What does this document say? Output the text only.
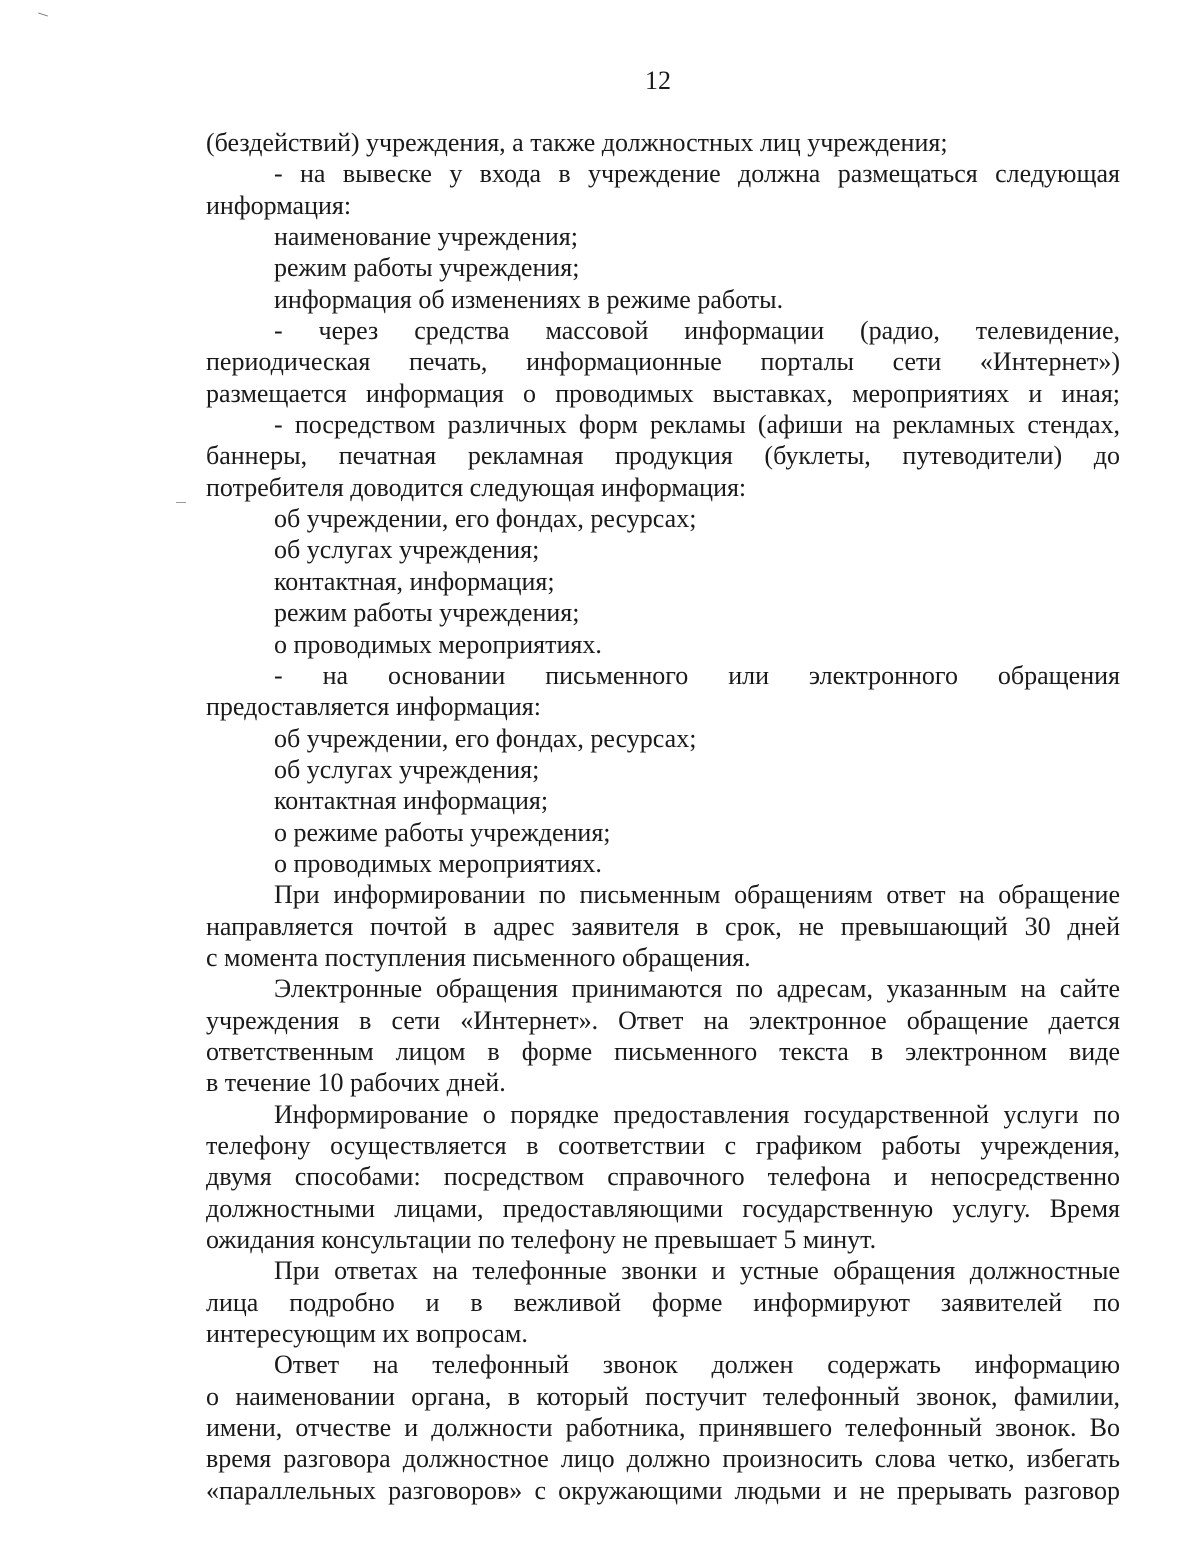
12
(бездействий) учреждения, а также должностных лиц учреждения;
- на вывеске у входа в учреждение должна размещаться следующая
информация:
наименование учреждения;
режим работы учреждения;
информация об изменениях в режиме работы.
- через средства массовой информации (радио, телевидение,
периодическая печать, информационные порталы сети «Интернет»)
размещается информация о проводимых выставках, мероприятиях и иная;
- посредством различных форм рекламы (афиши на рекламных стендах,
баннеры, печатная рекламная продукция (буклеты, путеводители) до
потребителя доводится следующая информация:
об учреждении, его фондах, ресурсах;
об услугах учреждения;
контактная, информация;
режим работы учреждения;
о проводимых мероприятиях.
- на основании письменного или электронного обращения
предоставляется информация:
об учреждении, его фондах, ресурсах;
об услугах учреждения;
контактная информация;
о режиме работы учреждения;
о проводимых мероприятиях.
При информировании по письменным обращениям ответ на обращение
направляется почтой в адрес заявителя в срок, не превышающий 30 дней
с момента поступления письменного обращения.
Электронные обращения принимаются по адресам, указанным на сайте
учреждения в сети «Интернет». Ответ на электронное обращение дается
ответственным лицом в форме письменного текста в электронном виде
в течение 10 рабочих дней.
Информирование о порядке предоставления государственной услуги по
телефону осуществляется в соответствии с графиком работы учреждения,
двумя способами: посредством справочного телефона и непосредственно
должностными лицами, предоставляющими государственную услугу. Время
ожидания консультации по телефону не превышает 5 минут.
При ответах на телефонные звонки и устные обращения должностные
лица подробно и в вежливой форме информируют заявителей по
интересующим их вопросам.
Ответ на телефонный звонок должен содержать информацию
о наименовании органа, в который постучит телефонный звонок, фамилии,
имени, отчестве и должности работника, принявшего телефонный звонок. Во
время разговора должностное лицо должно произносить слова четко, избегать
«параллельных разговоров» с окружающими людьми и не прерывать разговор
